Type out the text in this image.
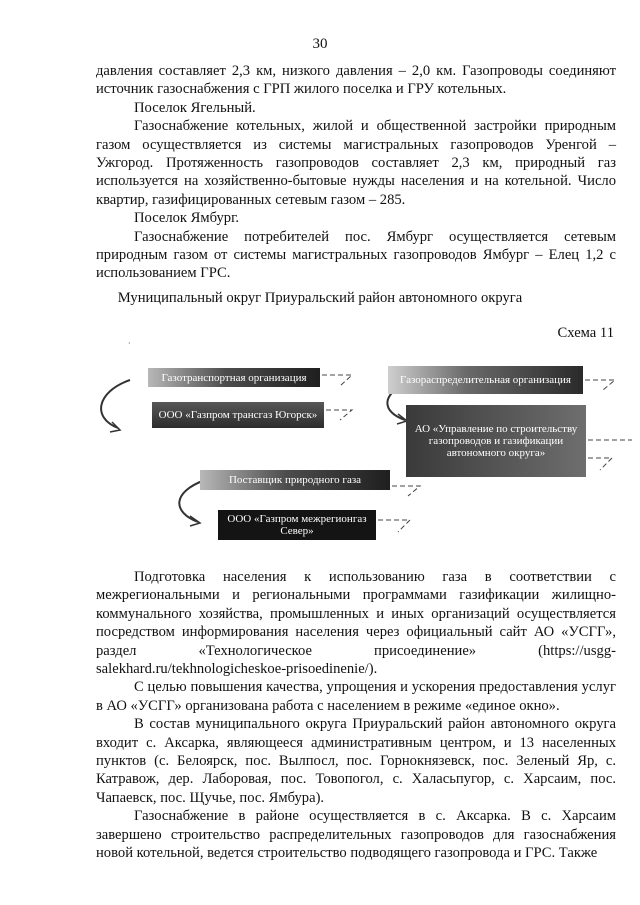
30

давления составляет 2,3 км, низкого давления – 2,0 км. Газопроводы соединяют источник газоснабжения с ГРП жилого поселка и ГРУ котельных.

Поселок Ягельный.

Газоснабжение котельных, жилой и общественной застройки природным газом осуществляется из системы магистральных газопроводов Уренгой – Ужгород. Протяженность газопроводов составляет 2,3 км, природный газ используется на хозяйственно-бытовые нужды населения и на котельной. Число квартир, газифицированных сетевым газом – 285.

Поселок Ямбург.

Газоснабжение потребителей пос. Ямбург осуществляется сетевым природным газом от системы магистральных газопроводов Ямбург – Елец 1,2 с использованием ГРС.

Муниципальный округ Приуральский район автономного округа
Схема 11
·
Газотранспортная организация
ООО «Газпром трансгаз Югорск»
Газораспределительная организация
АО «Управление по строительству газопроводов и газификации автономного округа»
Поставщик природного газа
ООО «Газпром межрегионгаз Север»
Подготовка населения к использованию газа в соответствии с
межрегиональными и региональными программами газификации жилищно-
коммунального хозяйства, промышленных и иных организаций осуществляется
посредством информирования населения через официальный сайт АО «УСГГ»,
раздел	«Технологическое	присоединение»	(https://usgg-
salekhard.ru/tekhnologicheskoe-prisoedinenie/).

С целью повышения качества, упрощения и ускорения предоставления услуг в АО «УСГГ» организована работа с населением в режиме «единое окно».

В состав муниципального округа Приуральский район автономного округа входит с. Аксарка, являющееся административным центром, и 13 населенных пунктов (с. Белоярск, пос. Вылпосл, пос. Горнокнязевск, пос. Зеленый Яр, с. Катравож, дер. Лаборовая, пос. Товопогол, с. Халасьпугор, с. Харсаим, пос. Чапаевск, пос. Щучье, пос. Ямбура).

Газоснабжение в районе осуществляется в с. Аксарка. В с. Харсаим завершено строительство распределительных газопроводов для газоснабжения новой котельной, ведется строительство подводящего газопровода и ГРС. Также
